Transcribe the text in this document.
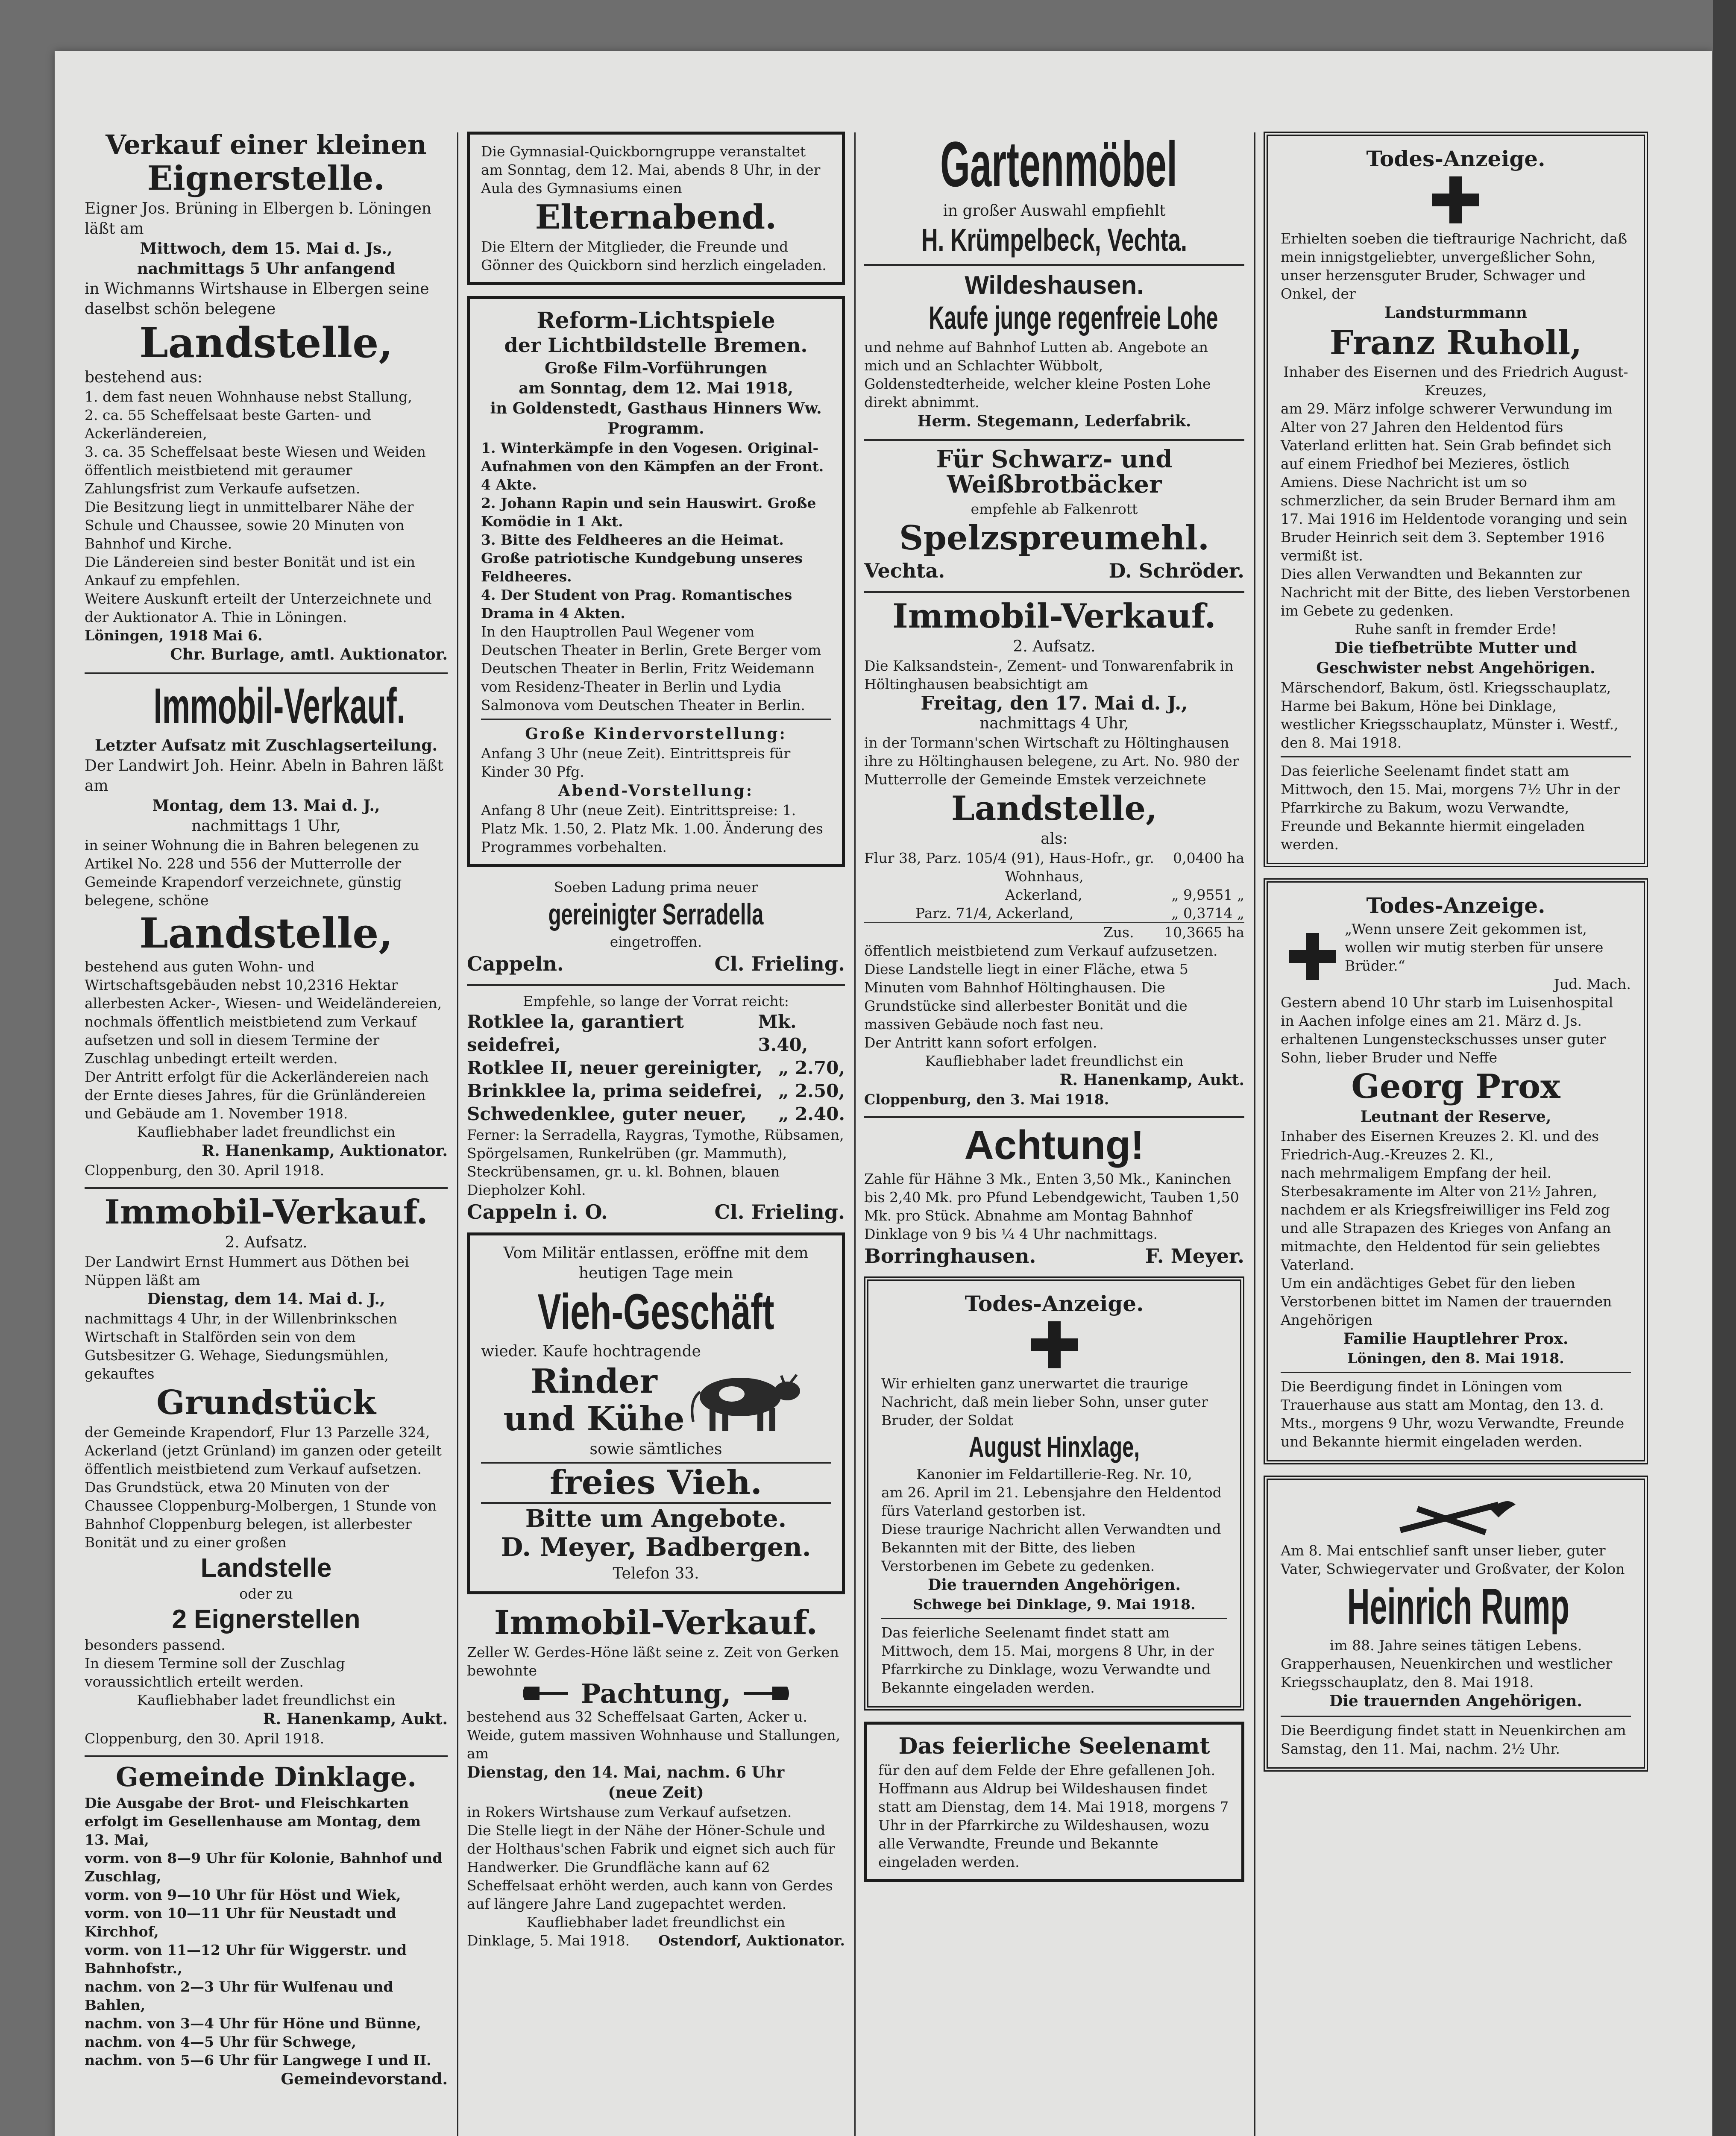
Verkauf einer kleinen
Eignerstelle.

Eigner Jos. Brüning in Elbergen b. Löningen läßt am

Mittwoch, dem 15. Mai d. Js.,

nachmittags 5 Uhr anfangend

in Wichmanns Wirtshause in Elbergen seine daselbst schön belegene

Landstelle,

bestehend aus:

1. dem fast neuen Wohnhause nebst Stallung,
2. ca. 55 Scheffelsaat beste Garten- und Ackerländereien,
3. ca. 35 Scheffelsaat beste Wiesen und Weiden öffentlich meistbietend mit geraumer Zahlungsfrist zum Verkaufe aufsetzen.

Die Besitzung liegt in unmittelbarer Nähe der Schule und Chaussee, sowie 20 Minuten von Bahnhof und Kirche.

Die Ländereien sind bester Bonität und ist ein Ankauf zu empfehlen.

Weitere Auskunft erteilt der Unterzeichnete und der Auktionator A. Thie in Löningen.

Löningen, 1918 Mai 6.

Chr. Burlage, amtl. Auktionator.

Immobil-Verkauf.

Letzter Aufsatz mit Zuschlagserteilung.

Der Landwirt Joh. Heinr. Abeln in Bahren läßt am

Montag, dem 13. Mai d. J.,

nachmittags 1 Uhr,

in seiner Wohnung die in Bahren belegenen zu Artikel No. 228 und 556 der Mutterrolle der Gemeinde Krapendorf verzeichnete, günstig belegene, schöne

Landstelle,

bestehend aus guten Wohn- und Wirtschaftsgebäuden nebst 10,2316 Hektar allerbesten Acker-, Wiesen- und Weideländereien, nochmals öffentlich meistbietend zum Verkauf aufsetzen und soll in diesem Termine der Zuschlag unbedingt erteilt werden.

Der Antritt erfolgt für die Ackerländereien nach der Ernte dieses Jahres, für die Grünländereien und Gebäude am 1. November 1918.

Kaufliebhaber ladet freundlichst ein

R. Hanenkamp, Auktionator.

Cloppenburg, den 30. April 1918.

Immobil-Verkauf.

2. Aufsatz.

Der Landwirt Ernst Hummert aus Döthen bei Nüppen läßt am

Dienstag, dem 14. Mai d. J.,

nachmittags 4 Uhr, in der Willenbrinkschen Wirtschaft in Stalförden sein von dem Gutsbesitzer G. Wehage, Siedungsmühlen, gekauftes

Grundstück

der Gemeinde Krapendorf, Flur 13 Parzelle 324, Ackerland (jetzt Grünland) im ganzen oder geteilt öffentlich meistbietend zum Verkauf aufsetzen.

Das Grundstück, etwa 20 Minuten von der Chaussee Cloppenburg-Molbergen, 1 Stunde von Bahnhof Cloppenburg belegen, ist allerbester Bonität und zu einer großen

Landstelle

oder zu

2 Eignerstellen

besonders passend.

In diesem Termine soll der Zuschlag voraussichtlich erteilt werden.

Kaufliebhaber ladet freundlichst ein

R. Hanenkamp, Aukt.

Cloppenburg, den 30. April 1918.

Gemeinde Dinklage.

Die Ausgabe der Brot- und Fleischkarten erfolgt im Gesellenhause am Montag, dem 13. Mai,

vorm. von 8—9 Uhr für Kolonie, Bahnhof und Zuschlag,
vorm. von 9—10 Uhr für Höst und Wiek,
vorm. von 10—11 Uhr für Neustadt und Kirchhof,
vorm. von 11—12 Uhr für Wiggerstr. und Bahnhofstr.,
nachm. von 2—3 Uhr für Wulfenau und Bahlen,
nachm. von 3—4 Uhr für Höne und Bünne,
nachm. von 4—5 Uhr für Schwege,
nachm. von 5—6 Uhr für Langwege I und II.

Gemeindevorstand.

Die Gymnasial-Quickborngruppe veranstaltet am Sonntag, dem 12. Mai, abends 8 Uhr, in der Aula des Gymnasiums einen

Elternabend.

Die Eltern der Mitglieder, die Freunde und Gönner des Quickborn sind herzlich eingeladen.

Reform-Lichtspiele
der Lichtbildstelle Bremen.

Große Film-Vorführungen

am Sonntag, dem 12. Mai 1918,

in Goldenstedt, Gasthaus Hinners Ww.

Programm.

1. Winterkämpfe in den Vogesen. Original-Aufnahmen von den Kämpfen an der Front. 4 Akte.
2. Johann Rapin und sein Hauswirt. Große Komödie in 1 Akt.
3. Bitte des Feldheeres an die Heimat. Große patriotische Kundgebung unseres Feldheeres.
4. Der Student von Prag. Romantisches Drama in 4 Akten.

In den Hauptrollen Paul Wegener vom Deutschen Theater in Berlin, Grete Berger vom Deutschen Theater in Berlin, Fritz Weidemann vom Residenz-Theater in Berlin und Lydia Salmonova vom Deutschen Theater in Berlin.

Große Kindervorstellung:

Anfang 3 Uhr (neue Zeit). Eintrittspreis für Kinder 30 Pfg.

Abend-Vorstellung:

Anfang 8 Uhr (neue Zeit). Eintrittspreise: 1. Platz Mk. 1.50, 2. Platz Mk. 1.00. Änderung des Programmes vorbehalten.

Soeben Ladung prima neuer

gereinigter Serradella

eingetroffen.

Cappeln.	Cl. Frieling.

Empfehle, so lange der Vorrat reicht:

Rotklee la, garantiert seidefrei,
Mk. 3.40,
Rotklee II, neuer gereinigter, „ 2.70,
Brinkklee la, prima seidefrei, „ 2.50,
Schwedenklee, guter neuer, „ 2.40.

Ferner: la Serradella, Raygras, Tymothe, Rübsamen, Spörgelsamen, Runkelrüben (gr. Mammuth), Steckrübensamen, gr. u. kl. Bohnen, blauen Diepholzer Kohl.

Cappeln i. O.	Cl. Frieling.

Vom Militär entlassen, eröffne mit dem heutigen Tage mein

Vieh-Geschäft

wieder. Kaufe hochtragende

Rinder
und Kühe

sowie sämtliches

freies Vieh.
Bitte um Angebote.
D. Meyer, Badbergen.

Telefon 33.

Immobil-Verkauf.

Zeller W. Gerdes-Höne läßt seine z. Zeit von Gerken bewohnte

Pachtung,

bestehend aus 32 Scheffelsaat Garten, Acker u. Weide, gutem massiven Wohnhause und Stallungen, am

Dienstag, den 14. Mai, nachm. 6 Uhr

(neue Zeit)

in Rokers Wirtshause zum Verkauf aufsetzen.

Die Stelle liegt in der Nähe der Höner-Schule und der Holthaus'schen Fabrik und eignet sich auch für Handwerker. Die Grundfläche kann auf 62 Scheffelsaat erhöht werden, auch kann von Gerdes auf längere Jahre Land zugepachtet werden.

Kaufliebhaber ladet freundlichst ein

Dinklage, 5. Mai 1918. Ostendorf, Auktionator.
Gartenmöbel

in großer Auswahl empfiehlt

H. Krümpelbeck, Vechta.
Wildeshausen.
Kaufe junge regenfreie Lohe

und nehme auf Bahnhof Lutten ab. Angebote an mich und an Schlachter Wübbolt, Goldenstedterheide, welcher kleine Posten Lohe direkt abnimmt.

Herm. Stegemann, Lederfabrik.

Für Schwarz- und Weißbrotbäcker

empfehle ab Falkenrott

Spelzspreumehl.
Vechta.	D. Schröder.
Immobil-Verkauf.

2. Aufsatz.

Die Kalksandstein-, Zement- und Tonwarenfabrik in Höltinghausen beabsichtigt am

Freitag, den 17. Mai d. J.,

nachmittags 4 Uhr,

in der Tormann'schen Wirtschaft zu Höltinghausen ihre zu Höltinghausen belegene, zu Art. No. 980 der Mutterrolle der Gemeinde Emstek verzeichnete

Landstelle,

als:

Flur 38, Parz. 105/4 (91), Haus-Hofr., gr. 0,0400 ha
Wohnhaus,
Ackerland,	„ 9,9551 „
Parz. 71/4, Ackerland,	„ 0,3714 „
Zus. 10,3665 ha

öffentlich meistbietend zum Verkauf aufzusetzen.

Diese Landstelle liegt in einer Fläche, etwa 5 Minuten vom Bahnhof Höltinghausen. Die Grundstücke sind allerbester Bonität und die massiven Gebäude noch fast neu.

Der Antritt kann sofort erfolgen.

Kaufliebhaber ladet freundlichst ein

R. Hanenkamp, Aukt.

Cloppenburg, den 3. Mai 1918.

Achtung!

Zahle für Hähne 3 Mk., Enten 3,50 Mk., Kaninchen bis 2,40 Mk. pro Pfund Lebendgewicht, Tauben 1,50 Mk. pro Stück. Abnahme am Montag Bahnhof Dinklage von 9 bis ¼ 4 Uhr nachmittags.

Borringhausen.	F. Meyer.
Todes-Anzeige.

Wir erhielten ganz unerwartet die traurige Nachricht, daß mein lieber Sohn, unser guter Bruder, der Soldat

August Hinxlage,

Kanonier im Feldartillerie-Reg. Nr. 10,

am 26. April im 21. Lebensjahre den Heldentod fürs Vaterland gestorben ist.

Diese traurige Nachricht allen Verwandten und Bekannten mit der Bitte, des lieben Verstorbenen im Gebete zu gedenken.

Die trauernden Angehörigen.

Schwege bei Dinklage, 9. Mai 1918.

Das feierliche Seelenamt findet statt am Mittwoch, dem 15. Mai, morgens 8 Uhr, in der Pfarrkirche zu Dinklage, wozu Verwandte und Bekannte eingeladen werden.

Das feierliche Seelenamt

für den auf dem Felde der Ehre gefallenen Joh. Hoffmann aus Aldrup bei Wildeshausen findet statt am Dienstag, dem 14. Mai 1918, morgens 7 Uhr in der Pfarrkirche zu Wildeshausen, wozu alle Verwandte, Freunde und Bekannte eingeladen werden.

Todes-Anzeige.

Erhielten soeben die tieftraurige Nachricht, daß mein innigstgeliebter, unvergeßlicher Sohn, unser herzensguter Bruder, Schwager und Onkel, der

Landsturmmann

Franz Ruholl,

Inhaber des Eisernen und des Friedrich August-Kreuzes,

am 29. März infolge schwerer Verwundung im Alter von 27 Jahren den Heldentod fürs Vaterland erlitten hat. Sein Grab befindet sich auf einem Friedhof bei Mezieres, östlich Amiens. Diese Nachricht ist um so schmerzlicher, da sein Bruder Bernard ihm am 17. Mai 1916 im Heldentode voranging und sein Bruder Heinrich seit dem 3. September 1916 vermißt ist.

Dies allen Verwandten und Bekannten zur Nachricht mit der Bitte, des lieben Verstorbenen im Gebete zu gedenken.

Ruhe sanft in fremder Erde!

Die tiefbetrübte Mutter und Geschwister nebst Angehörigen.

Märschendorf, Bakum, östl. Kriegsschauplatz, Harme bei Bakum, Höne bei Dinklage, westlicher Kriegsschauplatz, Münster i. Westf., den 8. Mai 1918.

Das feierliche Seelenamt findet statt am Mittwoch, den 15. Mai, morgens 7½ Uhr in der Pfarrkirche zu Bakum, wozu Verwandte, Freunde und Bekannte hiermit eingeladen werden.

Todes-Anzeige.

„Wenn unsere Zeit gekommen ist, wollen wir mutig sterben für unsere Brüder.“

Jud. Mach.

Gestern abend 10 Uhr starb im Luisenhospital in Aachen infolge eines am 21. März d. Js. erhaltenen Lungensteckschusses unser guter Sohn, lieber Bruder und Neffe

Georg Prox

Leutnant der Reserve,

Inhaber des Eisernen Kreuzes 2. Kl. und des Friedrich-Aug.-Kreuzes 2. Kl.,

nach mehrmaligem Empfang der heil. Sterbesakramente im Alter von 21½ Jahren, nachdem er als Kriegsfreiwilliger ins Feld zog und alle Strapazen des Krieges von Anfang an mitmachte, den Heldentod für sein geliebtes Vaterland.

Um ein andächtiges Gebet für den lieben Verstorbenen bittet im Namen der trauernden Angehörigen

Familie Hauptlehrer Prox.

Löningen, den 8. Mai 1918.

Die Beerdigung findet in Löningen vom Trauerhause aus statt am Montag, den 13. d. Mts., morgens 9 Uhr, wozu Verwandte, Freunde und Bekannte hiermit eingeladen werden.

Am 8. Mai entschlief sanft unser lieber, guter Vater, Schwiegervater und Großvater, der Kolon

Heinrich Rump

im 88. Jahre seines tätigen Lebens.

Grapperhausen, Neuenkirchen und westlicher Kriegsschauplatz, den 8. Mai 1918.

Die trauernden Angehörigen.

Die Beerdigung findet statt in Neuenkirchen am Samstag, den 11. Mai, nachm. 2½ Uhr.
